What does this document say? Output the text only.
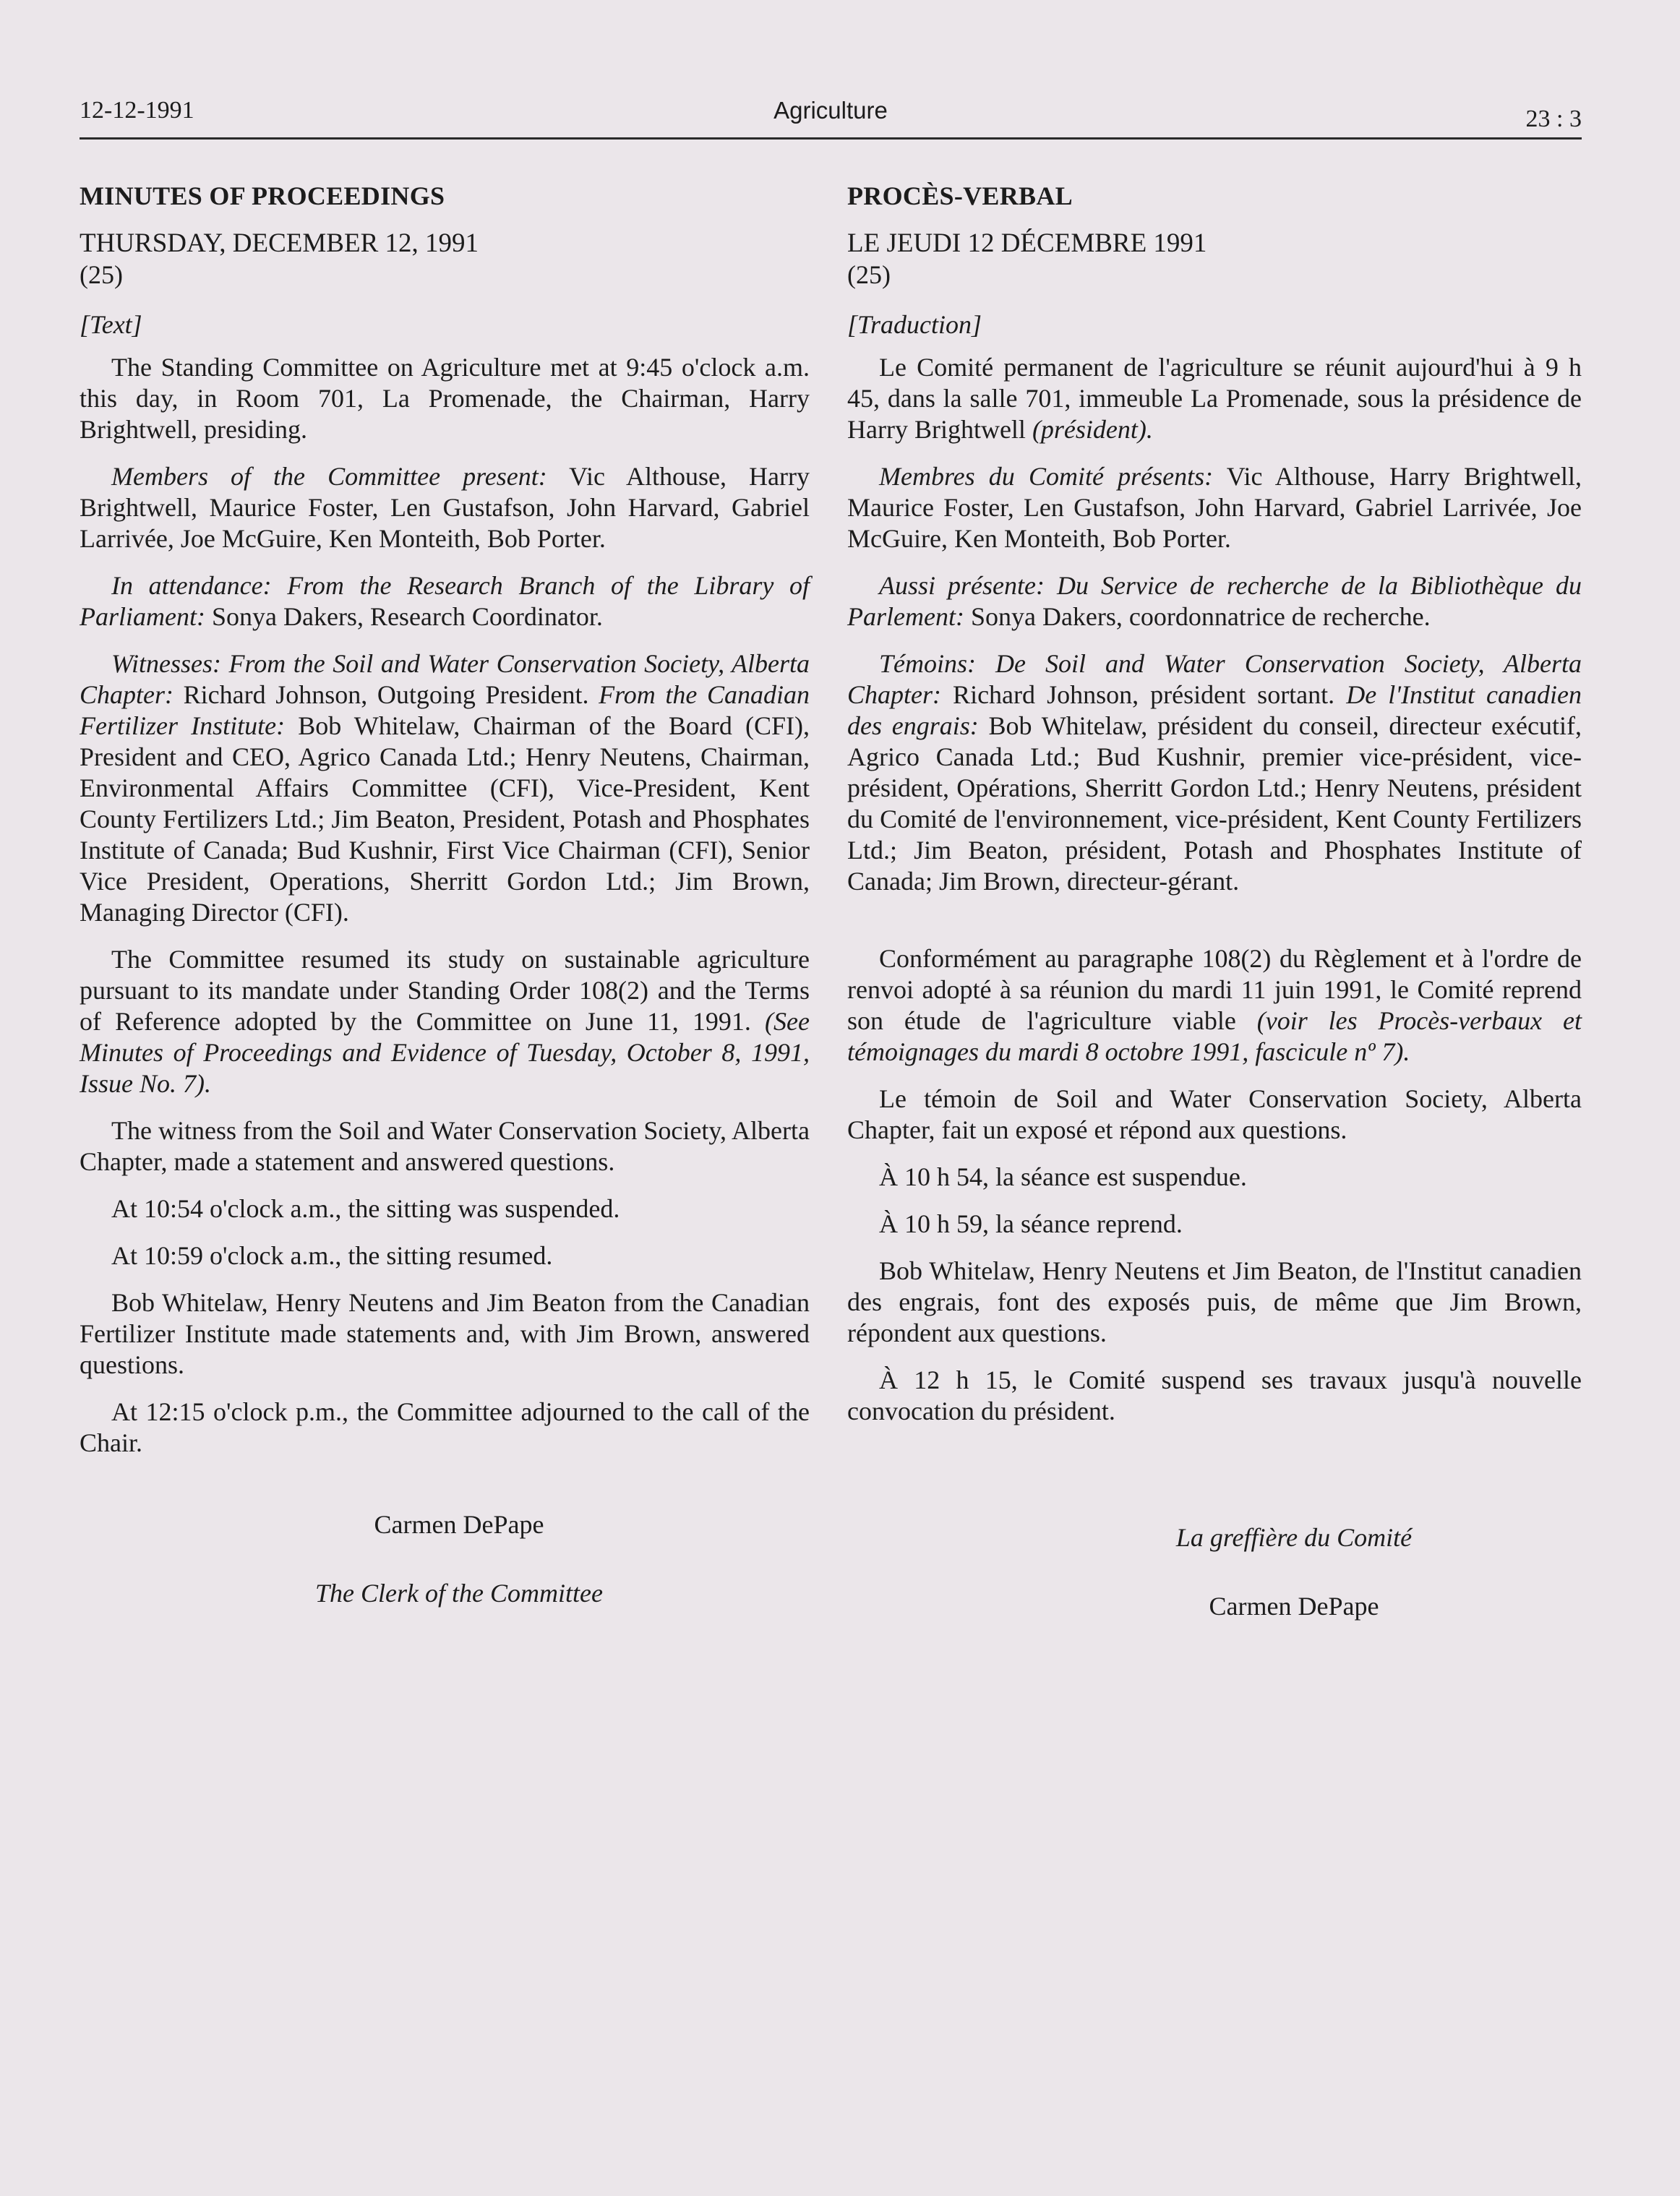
12-12-1991	Agriculture	23 : 3
MINUTES OF PROCEEDINGS
THURSDAY, DECEMBER 12, 1991
(25)
[Text]

The Standing Committee on Agriculture met at 9:45 o'clock a.m. this day, in Room 701, La Promenade, the Chairman, Harry Brightwell, presiding.

Members of the Committee present: Vic Althouse, Harry Brightwell, Maurice Foster, Len Gustafson, John Harvard, Gabriel Larrivée, Joe McGuire, Ken Monteith, Bob Porter.

In attendance: From the Research Branch of the Library of Parliament: Sonya Dakers, Research Coordinator.

Witnesses: From the Soil and Water Conservation Society, Alberta Chapter: Richard Johnson, Outgoing President. From the Canadian Fertilizer Institute: Bob Whitelaw, Chairman of the Board (CFI), President and CEO, Agrico Canada Ltd.; Henry Neutens, Chairman, Environmental Affairs Committee (CFI), Vice-President, Kent County Fertilizers Ltd.; Jim Beaton, President, Potash and Phosphates Institute of Canada; Bud Kushnir, First Vice Chairman (CFI), Senior Vice President, Operations, Sherritt Gordon Ltd.; Jim Brown, Managing Director (CFI).

The Committee resumed its study on sustainable agriculture pursuant to its mandate under Standing Order 108(2) and the Terms of Reference adopted by the Committee on June 11, 1991. (See Minutes of Proceedings and Evidence of Tuesday, October 8, 1991, Issue No. 7).

The witness from the Soil and Water Conservation Society, Alberta Chapter, made a statement and answered questions.

At 10:54 o'clock a.m., the sitting was suspended.

At 10:59 o'clock a.m., the sitting resumed.

Bob Whitelaw, Henry Neutens and Jim Beaton from the Canadian Fertilizer Institute made statements and, with Jim Brown, answered questions.

At 12:15 o'clock p.m., the Committee adjourned to the call of the Chair.

Carmen DePape

The Clerk of the Committee

PROCÈS-VERBAL
LE JEUDI 12 DÉCEMBRE 1991
(25)
[Traduction]

Le Comité permanent de l'agriculture se réunit aujourd'hui à 9 h 45, dans la salle 701, immeuble La Promenade, sous la présidence de Harry Brightwell (président).

Membres du Comité présents: Vic Althouse, Harry Brightwell, Maurice Foster, Len Gustafson, John Harvard, Gabriel Larrivée, Joe McGuire, Ken Monteith, Bob Porter.

Aussi présente: Du Service de recherche de la Bibliothèque du Parlement: Sonya Dakers, coordonnatrice de recherche.

Témoins: De Soil and Water Conservation Society, Alberta Chapter: Richard Johnson, président sortant. De l'Institut canadien des engrais: Bob Whitelaw, président du conseil, directeur exécutif, Agrico Canada Ltd.; Bud Kushnir, premier vice-président, vice-président, Opérations, Sherritt Gordon Ltd.; Henry Neutens, président du Comité de l'environnement, vice-président, Kent County Fertilizers Ltd.; Jim Beaton, président, Potash and Phosphates Institute of Canada; Jim Brown, directeur-gérant.

Conformément au paragraphe 108(2) du Règlement et à l'ordre de renvoi adopté à sa réunion du mardi 11 juin 1991, le Comité reprend son étude de l'agriculture viable (voir les Procès-verbaux et témoignages du mardi 8 octobre 1991, fascicule nº 7).

Le témoin de Soil and Water Conservation Society, Alberta Chapter, fait un exposé et répond aux questions.

À 10 h 54, la séance est suspendue.

À 10 h 59, la séance reprend.

Bob Whitelaw, Henry Neutens et Jim Beaton, de l'Institut canadien des engrais, font des exposés puis, de même que Jim Brown, répondent aux questions.

À 12 h 15, le Comité suspend ses travaux jusqu'à nouvelle convocation du président.

La greffière du Comité

Carmen DePape
